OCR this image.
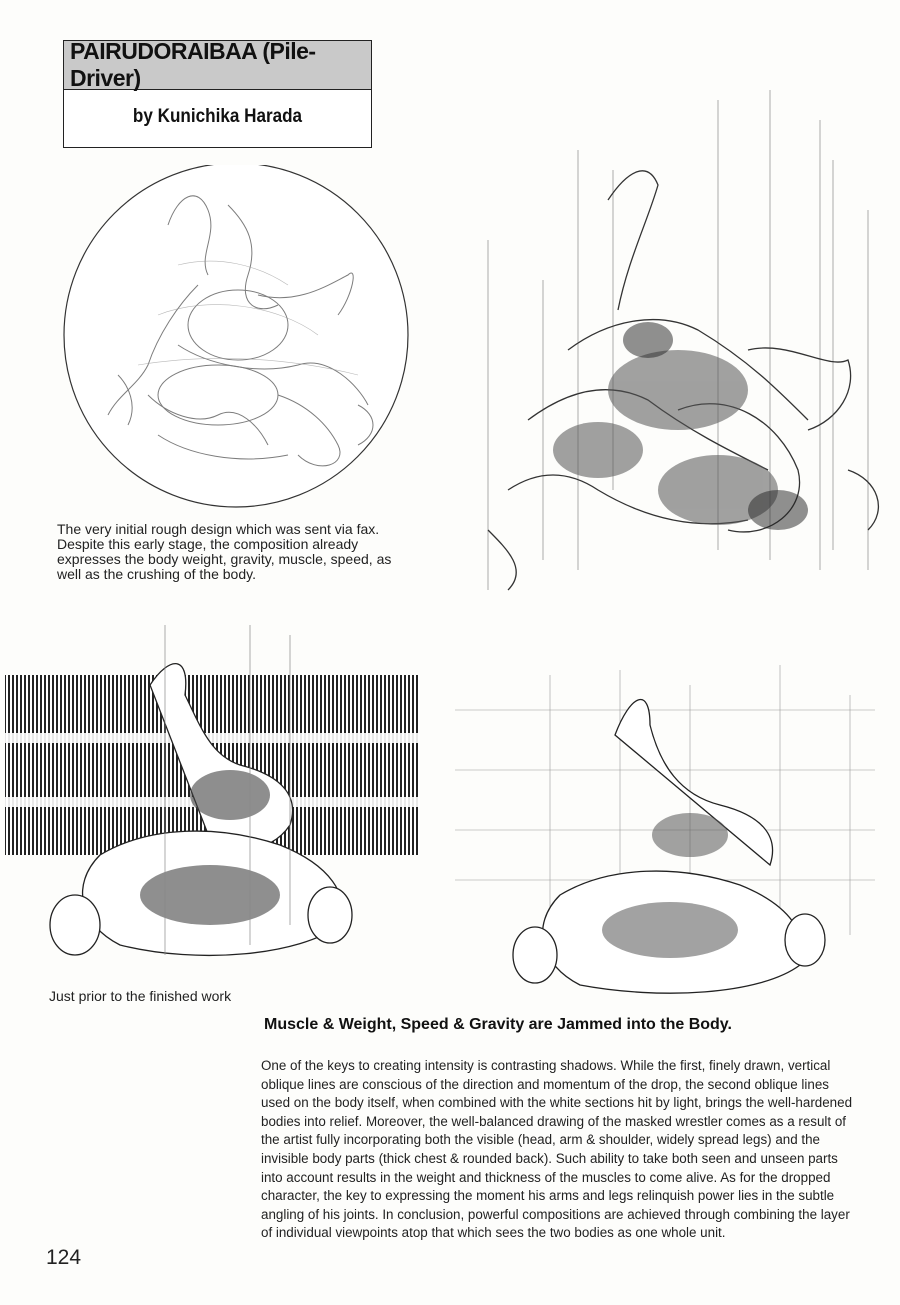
PAIRUDORAIBAA (Pile-Driver)
by Kunichika Harada
The very initial rough design which was sent via fax. Despite this early stage, the composition already expresses the body weight, gravity, muscle, speed, as well as the crushing of the body.
Just prior to the finished work
Muscle & Weight, Speed & Gravity are Jammed into the Body.
One of the keys to creating intensity is contrasting shadows. While the first, finely drawn, vertical oblique lines are conscious of the direction and momentum of the drop, the second oblique lines used on the body itself, when combined with the white sections hit by light, brings the well-hardened bodies into relief. Moreover, the well-balanced drawing of the masked wrestler comes as a result of the artist fully incorporating both the visible (head, arm & shoulder, widely spread legs) and the invisible body parts (thick chest & rounded back). Such ability to take both seen and unseen parts into account results in the weight and thickness of the muscles to come alive. As for the dropped character, the key to expressing the moment his arms and legs relinquish power lies in the subtle angling of his joints. In conclusion, powerful compositions are achieved through combining the layer of individual viewpoints atop that which sees the two bodies as one whole unit.
124
